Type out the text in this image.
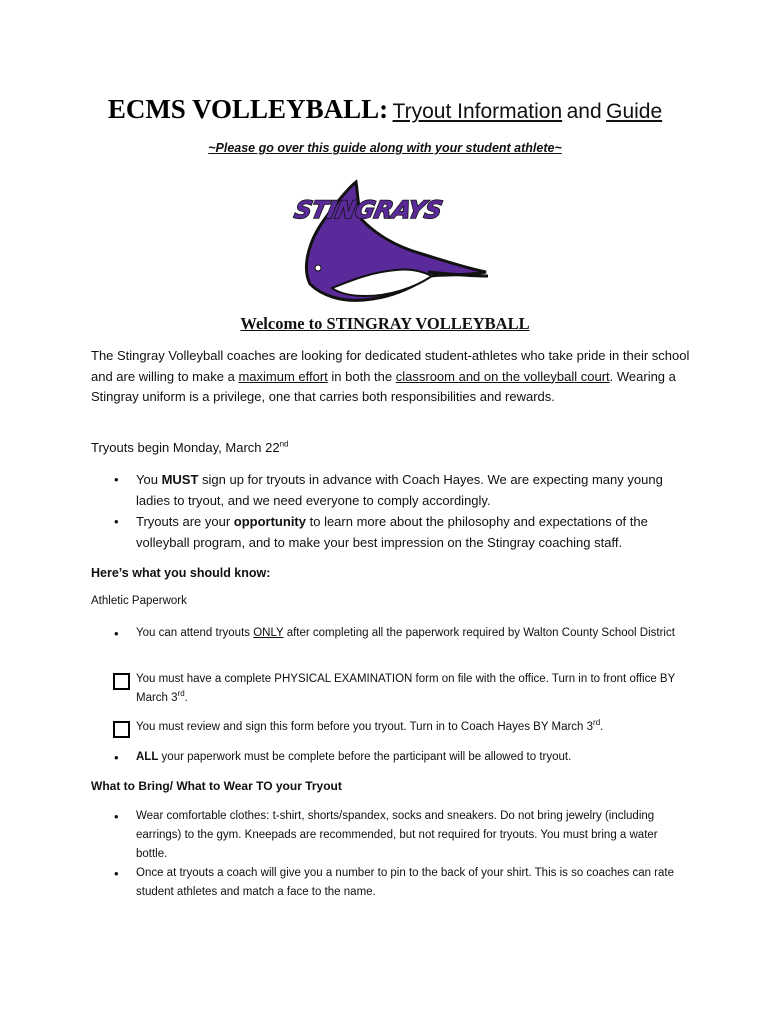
ECMS VOLLEYBALL: Tryout Information and Guide
~Please go over this guide along with your student athlete~
STINGRAYS
Welcome to STINGRAY VOLLEYBALL
The Stingray Volleyball coaches are looking for dedicated student-athletes who take pride in their school and are willing to make a maximum effort in both the classroom and on the volleyball court. Wearing a Stingray uniform is a privilege, one that carries both responsibilities and rewards.
Tryouts begin Monday, March 22nd
• You MUST sign up for tryouts in advance with Coach Hayes. We are expecting many young ladies to tryout, and we need everyone to comply accordingly.
• Tryouts are your opportunity to learn more about the philosophy and expectations of the volleyball program, and to make your best impression on the Stingray coaching staff.
Here’s what you should know:
Athletic Paperwork
• You can attend tryouts ONLY after completing all the paperwork required by Walton County School District
You must have a complete PHYSICAL EXAMINATION form on file with the office. Turn in to front office BY March 3rd.
You must review and sign this form before you tryout. Turn in to Coach Hayes BY March 3rd.
• ALL your paperwork must be complete before the participant will be allowed to tryout.
What to Bring/ What to Wear TO your Tryout
• Wear comfortable clothes: t-shirt, shorts/spandex, socks and sneakers. Do not bring jewelry (including earrings) to the gym. Kneepads are recommended, but not required for tryouts. You must bring a water bottle.
• Once at tryouts a coach will give you a number to pin to the back of your shirt. This is so coaches can rate student athletes and match a face to the name.
